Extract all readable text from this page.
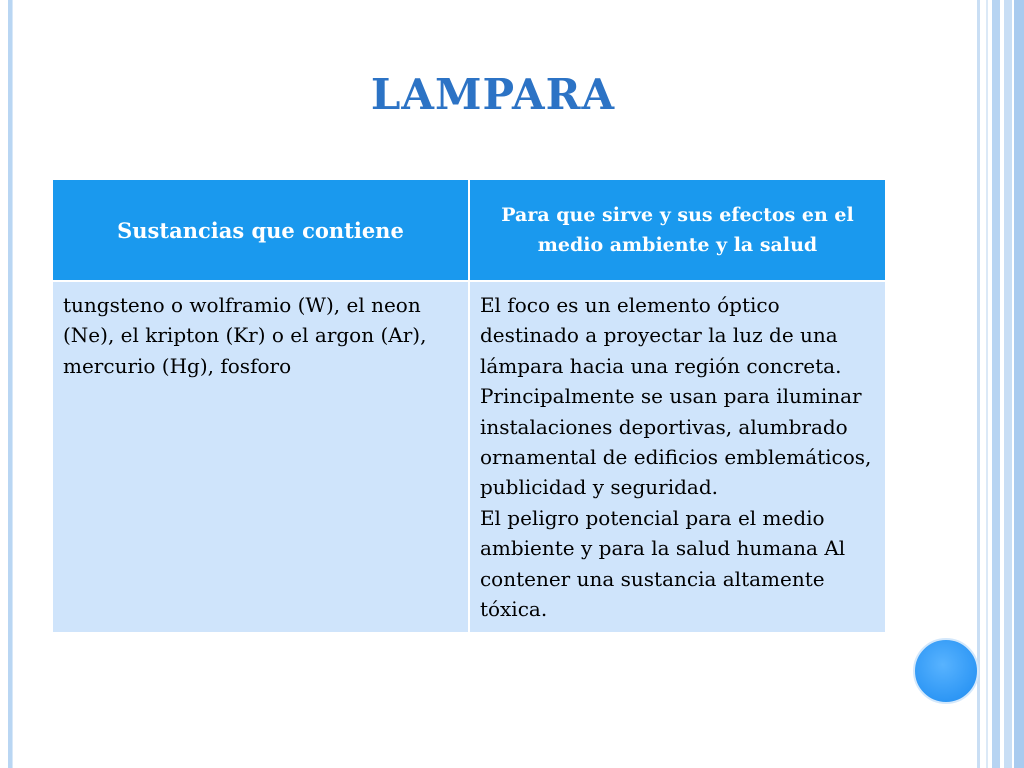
LAMPARA
Sustancias que contiene	Para que sirve y sus efectos en el medio ambiente y la salud
tungsteno o wolframio (W), el neon (Ne), el kripton (Kr) o el argon (Ar), mercurio (Hg), fosforo	El foco es un elemento óptico destinado a proyectar la luz de una lámpara hacia una región concreta. Principalmente se usan para iluminar instalaciones deportivas, alumbrado ornamental de edificios emblemáticos, publicidad y seguridad.
El peligro potencial para el medio ambiente y para la salud humana Al contener una sustancia altamente tóxica.
